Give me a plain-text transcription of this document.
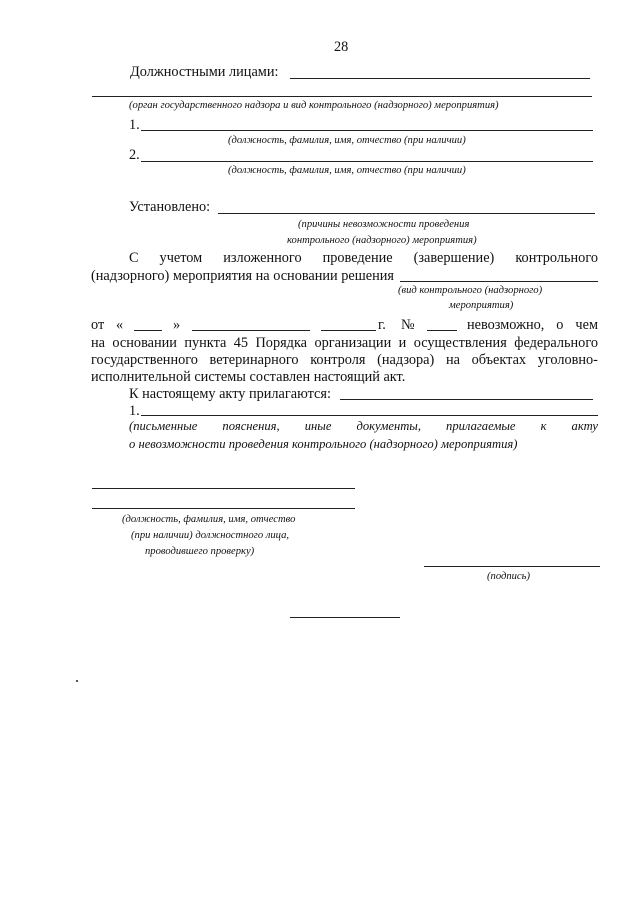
28
Должностными лицами:
(орган государственного надзора и вид контрольного (надзорного) мероприятия)
1.
(должность, фамилия, имя, отчество (при наличии)
2.
(должность, фамилия, имя, отчество (при наличии)
Установлено:
(причины невозможности проведения
контрольного (надзорного) мероприятия)
С учетом изложенного проведение (завершение) контрольного
(надзорного) мероприятия на основании решения
(вид контрольного (надзорного)
мероприятия)
от «	»	г. №	невозможно, о чем
на основании пункта 45 Порядка организации и осуществления федерального
государственного ветеринарного контроля (надзора) на объектах уголовно-
исполнительной системы составлен настоящий акт.
К настоящему акту прилагаются:
1.
(письменные пояснения, иные документы, прилагаемые к акту
о невозможности проведения контрольного (надзорного) мероприятия)
(должность, фамилия, имя, отчество
(при наличии) должностного лица,
проводившего проверку)
(подпись)
